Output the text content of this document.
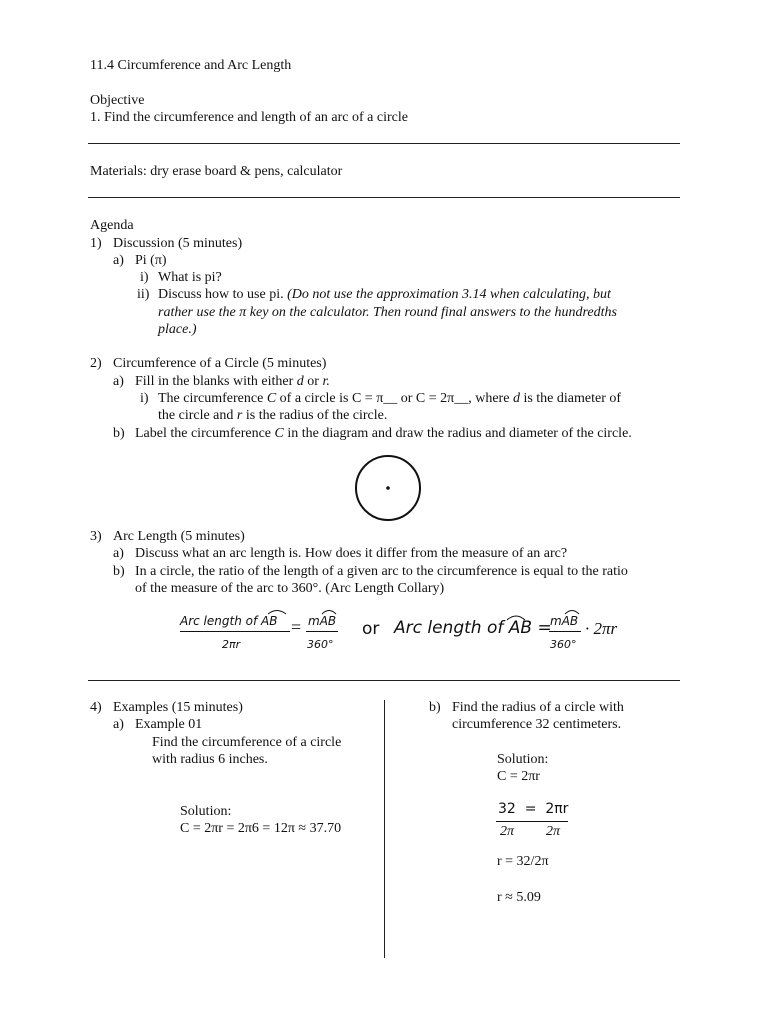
11.4 Circumference and Arc Length
Objective
1. Find the circumference and length of an arc of a circle
Materials: dry erase board & pens, calculator
Agenda
1) Discussion (5 minutes)
a) Pi (π)
i) What is pi?
ii) Discuss how to use pi. (Do not use the approximation 3.14 when calculating, but
rather use the π key on the calculator. Then round final answers to the hundredths
place.)
2) Circumference of a Circle (5 minutes)
a) Fill in the blanks with either d or r.
i) The circumference C of a circle is C = π__ or C = 2π__, where d is the diameter of
the circle and r is the radius of the circle.
b) Label the circumference C in the diagram and draw the radius and diameter of the circle.
3) Arc Length (5 minutes)
a) Discuss what an arc length is. How does it differ from the measure of an arc?
b) In a circle, the ratio of the length of a given arc to the circumference is equal to the ratio
of the measure of the arc to 360°. (Arc Length Collary)
Arc length of AB
2πr
= mAB
360°
or Arc length of AB =
mAB
360°
· 2πr
4) Examples (15 minutes)
a) Example 01
Find the circumference of a circle
with radius 6 inches.
Solution:
C = 2πr = 2π6 = 12π ≈ 37.70
b) Find the radius of a circle with
circumference 32 centimeters.
Solution:
C = 2πr
32  =  2πr
2π 2π
r = 32/2π
r ≈ 5.09
